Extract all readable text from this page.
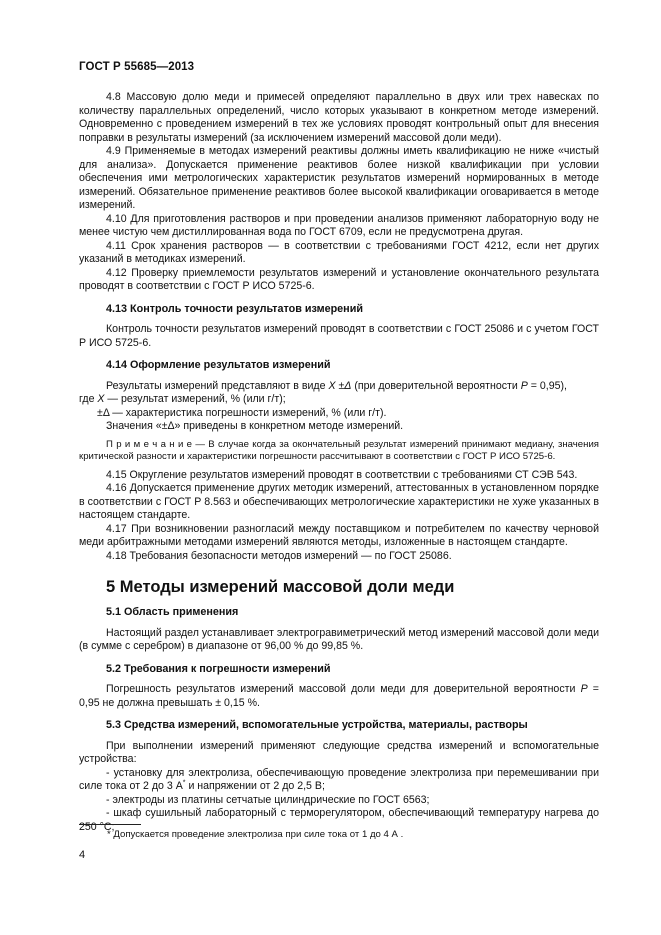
ГОСТ Р 55685—2013

4.8 Массовую долю меди и примесей определяют параллельно в двух или трех навесках по количеству параллельных определений, число которых указывают в конкретном методе измерений. Одновременно с проведением измерений в тех же условиях проводят контрольный опыт для внесения поправки в результаты измерений (за исключением измерений массовой доли меди).

4.9 Применяемые в методах измерений реактивы должны иметь квалификацию не ниже «чистый для анализа». Допускается применение реактивов более низкой квалификации при условии обеспечения ими метрологических характеристик результатов измерений нормированных в методе измерений. Обязательное применение реактивов более высокой квалификации оговаривается в методе измерений.

4.10 Для приготовления растворов и при проведении анализов применяют лабораторную воду не менее чистую чем дистиллированная вода по ГОСТ 6709, если не предусмотрена другая.

4.11 Срок хранения растворов — в соответствии с требованиями ГОСТ 4212, если нет других указаний в методиках измерений.

4.12 Проверку приемлемости результатов измерений и установление окончательного результата проводят в соответствии с ГОСТ Р ИСО 5725-6.

4.13 Контроль точности результатов измерений

Контроль точности результатов измерений проводят в соответствии с ГОСТ 25086 и с учетом ГОСТ Р ИСО 5725-6.

4.14 Оформление результатов измерений

Результаты измерений представляют в виде X ±Δ (при доверительной вероятности Р = 0,95),

где X — результат измерений, % (или г/т);

±Δ — характеристика погрешности измерений, % (или г/т).

Значения «±Δ» приведены в конкретном методе измерений.

П р и м е ч а н и е — В случае когда за окончательный результат измерений принимают медиану, значения критической разности и характеристики погрешности рассчитывают в соответствии с ГОСТ Р ИСО 5725-6.

4.15 Округление результатов измерений проводят в соответствии с требованиями СТ СЭВ 543.

4.16 Допускается применение других методик измерений, аттестованных в установленном порядке в соответствии с ГОСТ Р 8.563 и обеспечивающих метрологические характеристики не хуже указанных в настоящем стандарте.

4.17 При возникновении разногласий между поставщиком и потребителем по качеству черновой меди арбитражными методами измерений являются методы, изложенные в настоящем стандарте.

4.18 Требования безопасности методов измерений — по ГОСТ 25086.

5 Методы измерений массовой доли меди
5.1 Область применения

Настоящий раздел устанавливает электрогравиметрический метод измерений массовой доли меди (в сумме с серебром) в диапазоне от 96,00 % до 99,85 %.

5.2 Требования к погрешности измерений

Погрешность результатов измерений массовой доли меди для доверительной вероятности Р = 0,95 не должна превышать ± 0,15 %.

5.3 Средства измерений, вспомогательные устройства, материалы, растворы

При выполнении измерений применяют следующие средства измерений и вспомогательные устройства:

- установку для электролиза, обеспечивающую проведение электролиза при перемешивании при силе тока от 2 до 3 А* и напряжении от 2 до 2,5 В;

- электроды из платины сетчатые цилиндрические по ГОСТ 6563;

- шкаф сушильный лабораторный с терморегулятором, обеспечивающий температуру нагрева до 250 °С;

* Допускается проведение электролиза при силе тока от 1 до 4 А .
4
